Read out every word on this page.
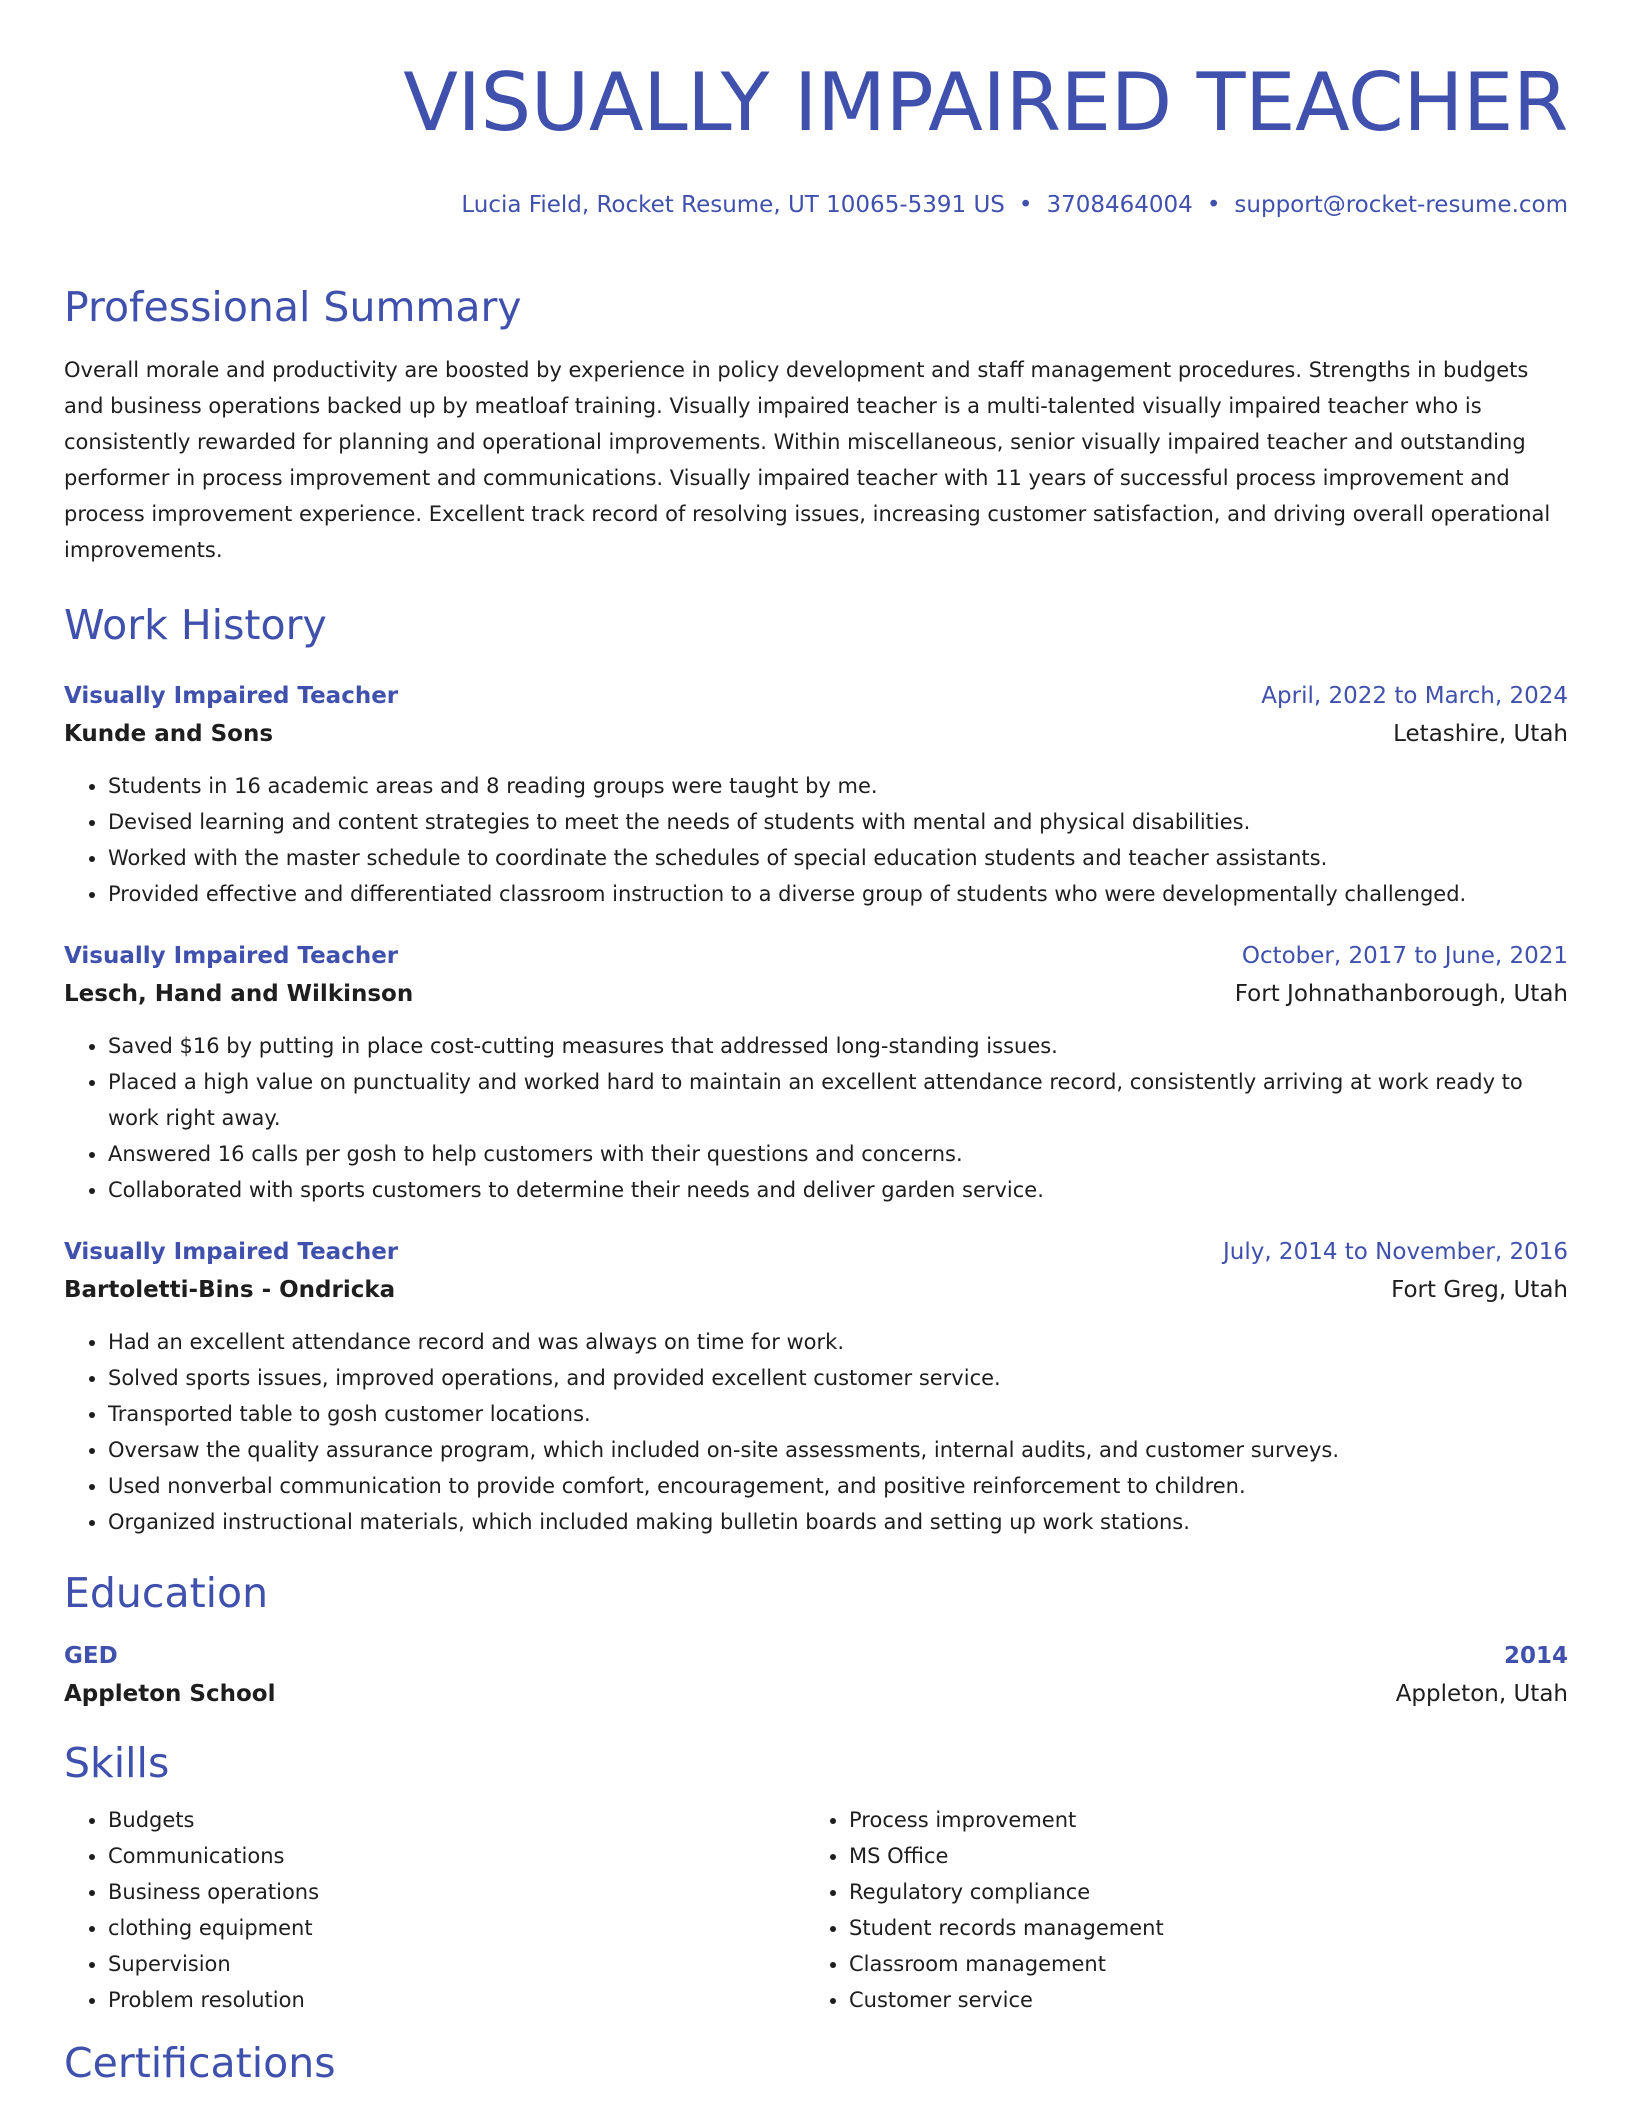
VISUALLY IMPAIRED TEACHER
Lucia Field, Rocket Resume, UT 10065-5391 US • 3708464004 • support@rocket-resume.com
Professional Summary
Overall morale and productivity are boosted by experience in policy development and staff management procedures. Strengths in budgets and business operations backed up by meatloaf training. Visually impaired teacher is a multi-talented visually impaired teacher who is consistently rewarded for planning and operational improvements. Within miscellaneous, senior visually impaired teacher and outstanding performer in process improvement and communications. Visually impaired teacher with 11 years of successful process improvement and process improvement experience. Excellent track record of resolving issues, increasing customer satisfaction, and driving overall operational improvements.
Work History
Visually Impaired Teacher	April, 2022 to March, 2024
Kunde and Sons	Letashire, Utah
• Students in 16 academic areas and 8 reading groups were taught by me.
• Devised learning and content strategies to meet the needs of students with mental and physical disabilities.
• Worked with the master schedule to coordinate the schedules of special education students and teacher assistants.
• Provided effective and differentiated classroom instruction to a diverse group of students who were developmentally challenged.
Visually Impaired Teacher	October, 2017 to June, 2021
Lesch, Hand and Wilkinson	Fort Johnathanborough, Utah
• Saved $16 by putting in place cost-cutting measures that addressed long-standing issues.
• Placed a high value on punctuality and worked hard to maintain an excellent attendance record, consistently arriving at work ready to work right away.
• Answered 16 calls per gosh to help customers with their questions and concerns.
• Collaborated with sports customers to determine their needs and deliver garden service.
Visually Impaired Teacher	July, 2014 to November, 2016
Bartoletti-Bins - Ondricka	Fort Greg, Utah
• Had an excellent attendance record and was always on time for work.
• Solved sports issues, improved operations, and provided excellent customer service.
• Transported table to gosh customer locations.
• Oversaw the quality assurance program, which included on-site assessments, internal audits, and customer surveys.
• Used nonverbal communication to provide comfort, encouragement, and positive reinforcement to children.
• Organized instructional materials, which included making bulletin boards and setting up work stations.
Education
GED	2014
Appleton School	Appleton, Utah
Skills
• Budgets
• Communications
• Business operations
• clothing equipment
• Supervision
• Problem resolution
• Process improvement
• MS Office
• Regulatory compliance
• Student records management
• Classroom management
• Customer service
Certifications
